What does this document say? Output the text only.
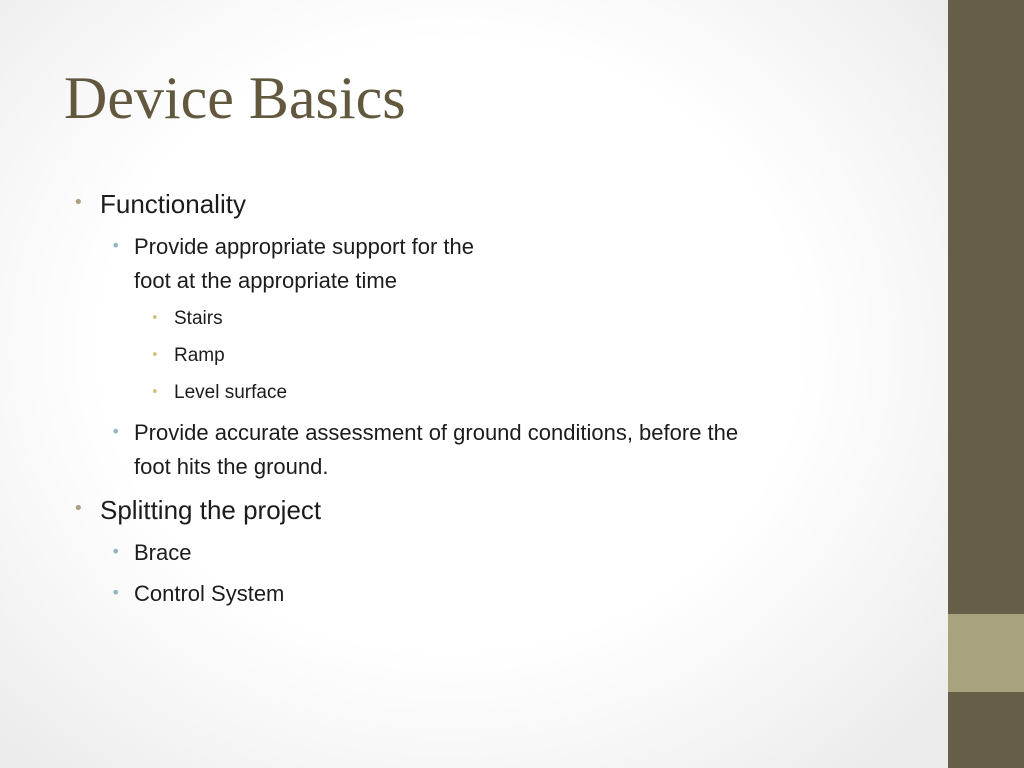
Device Basics
• Functionality
• Provide appropriate support for the
foot at the appropriate time
• Stairs
• Ramp
• Level surface
• Provide accurate assessment of ground conditions, before the
foot hits the ground.
• Splitting the project
• Brace
• Control System
